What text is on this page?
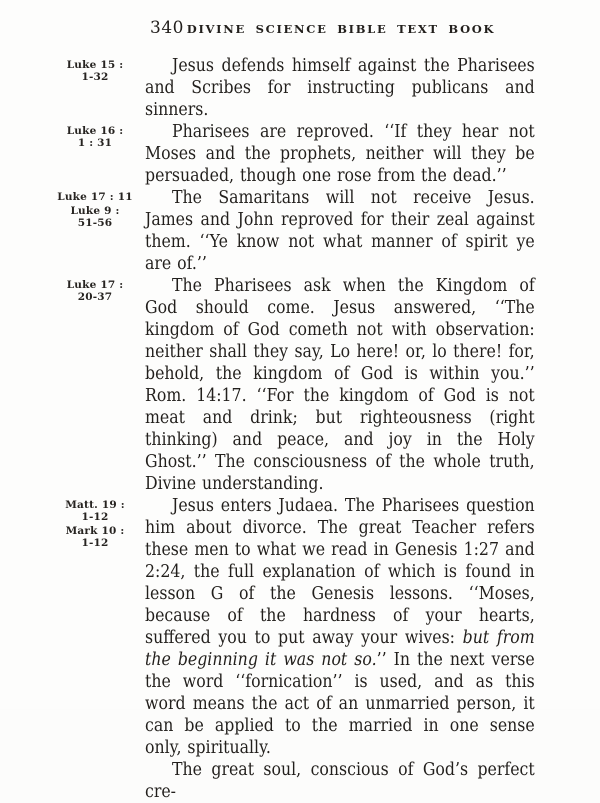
340 DIVINE SCIENCE BIBLE TEXT BOOK
Luke 15 :
1-32

Jesus defends himself against the Pharisees and Scribes for instructing publicans and sinners.

Luke 16 :
1 : 31

Pharisees are reproved. ‘‘If they hear not Moses and the prophets, neither will they be persuaded, though one rose from the dead.’’

Luke 17 : 11
Luke 9 :
51-56

The Samaritans will not receive Jesus. James and John reproved for their zeal against them. ‘‘Ye know not what manner of spirit ye are of.’’

Luke 17 :
20-37

The Pharisees ask when the Kingdom of God should come. Jesus answered, ‘‘The kingdom of God cometh not with observation: neither shall they say, Lo here! or, lo there! for, behold, the kingdom of God is within you.’’ Rom. 14:17. ‘‘For the kingdom of God is not meat and drink; but righteousness (right thinking) and peace, and joy in the Holy Ghost.’’ The consciousness of the whole truth, Divine understanding.

Matt. 19 :
1-12
Mark 10 :
1-12

Jesus enters Judaea. The Pharisees question him about divorce. The great Teacher refers these men to what we read in Genesis 1:27 and 2:24, the full explanation of which is found in lesson G of the Genesis lessons. ‘‘Moses, because of the hardness of your hearts, suffered you to put away your wives: but from the beginning it was not so.’’ In the next verse the word ‘‘fornication’’ is used, and as this word means the act of an unmarried person, it can be applied to the married in one sense only, spiritually.

The great soul, conscious of God’s perfect cre-
